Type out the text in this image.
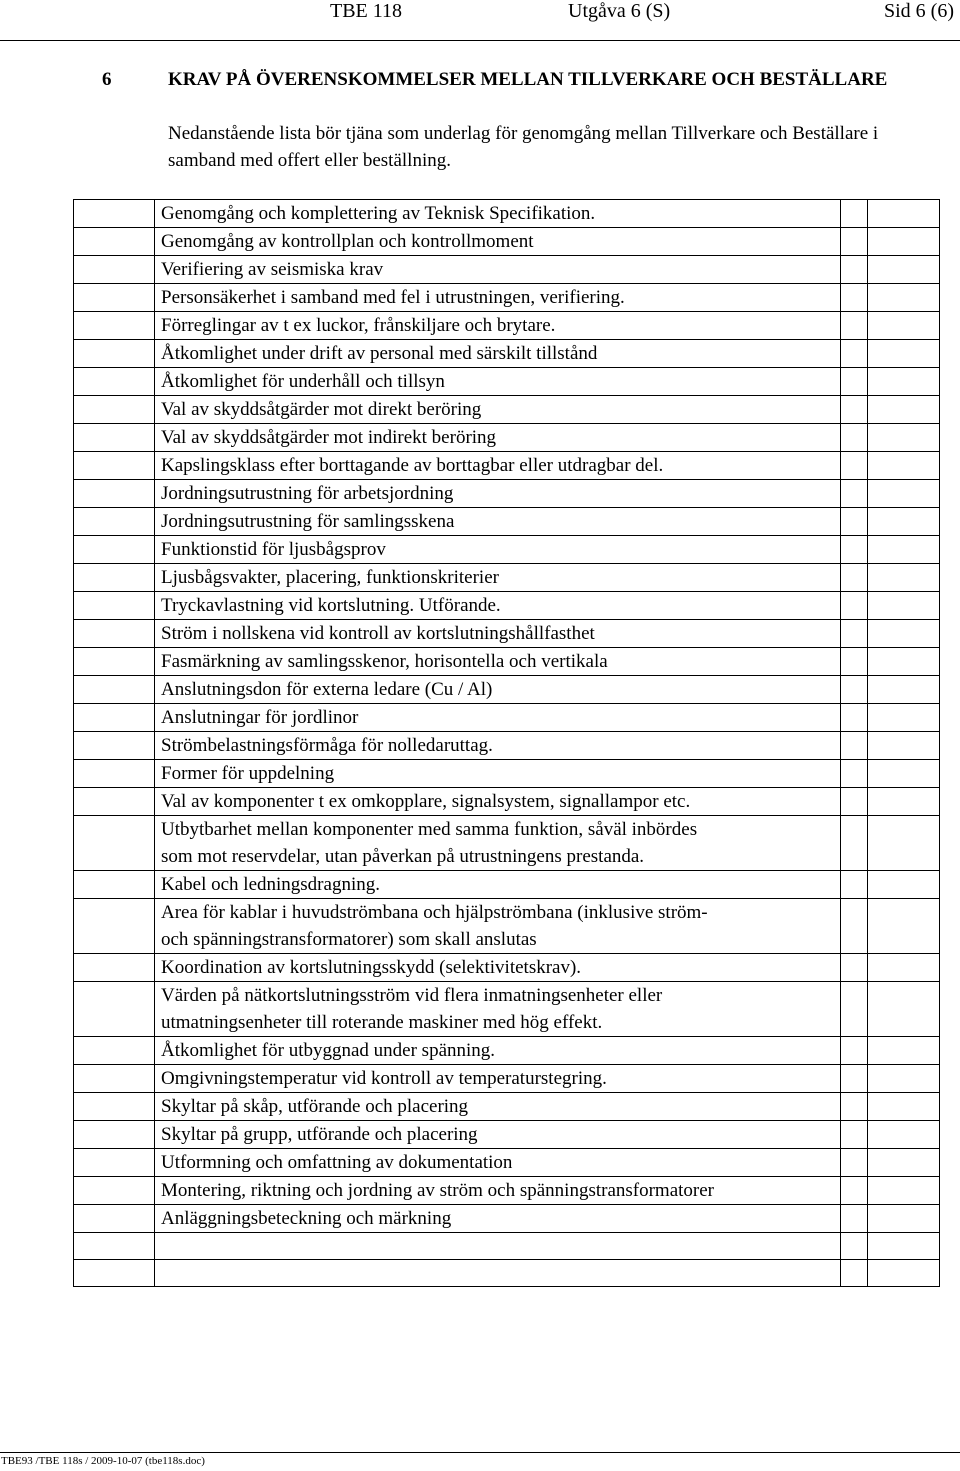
TBE 118	Utgåva 6 (S)	Sid 6 (6)
6	KRAV PÅ ÖVERENSKOMMELSER MELLAN TILLVERKARE OCH BESTÄLLARE
Nedanstående lista bör tjäna som underlag för genomgång mellan Tillverkare och Beställare i samband med offert eller beställning.
	Genomgång och komplettering av Teknisk Specifikation.		
	Genomgång av kontrollplan och kontrollmoment		
	Verifiering av seismiska krav		
	Personsäkerhet i samband med fel i utrustningen, verifiering.		
	Förreglingar av t ex luckor, frånskiljare och brytare.		
	Åtkomlighet under drift av personal med särskilt tillstånd		
	Åtkomlighet för underhåll och tillsyn		
	Val av skyddsåtgärder mot direkt beröring		
	Val av skyddsåtgärder mot indirekt beröring		
	Kapslingsklass efter borttagande av borttagbar eller utdragbar del.		
	Jordningsutrustning för arbetsjordning		
	Jordningsutrustning för samlingsskena		
	Funktionstid för ljusbågsprov		
	Ljusbågsvakter, placering, funktionskriterier		
	Tryckavlastning vid kortslutning. Utförande.		
	Ström i nollskena vid kontroll av kortslutningshållfasthet		
	Fasmärkning av samlingsskenor, horisontella och vertikala		
	Anslutningsdon för externa ledare (Cu / Al)		
	Anslutningar för jordlinor		
	Strömbelastningsförmåga för nolledaruttag.		
	Former för uppdelning		
	Val av komponenter t ex omkopplare, signalsystem, signallampor etc.		

	Utbytbarhet mellan komponenter med samma funktion, såväl inbördes
som mot reservdelar, utan påverkan på utrustningens prestanda.		

	Kabel och ledningsdragning.		

	Area för kablar i huvudströmbana och hjälpströmbana (inklusive ström-
och spänningstransformatorer) som skall anslutas		

	Koordination av kortslutningsskydd (selektivitetskrav).		

	Värden på nätkortslutningsström vid flera inmatningsenheter eller
utmatningsenheter till roterande maskiner med hög effekt.		

	Åtkomlighet för utbyggnad under spänning.		
	Omgivningstemperatur vid kontroll av temperaturstegring.		
	Skyltar på skåp, utförande och placering		
	Skyltar på grupp, utförande och placering		
	Utformning och omfattning av dokumentation		
	Montering, riktning och jordning av ström och spänningstransformatorer		
	Anläggningsbeteckning och märkning		

TBE93 /TBE 118s / 2009-10-07 (tbe118s.doc)
